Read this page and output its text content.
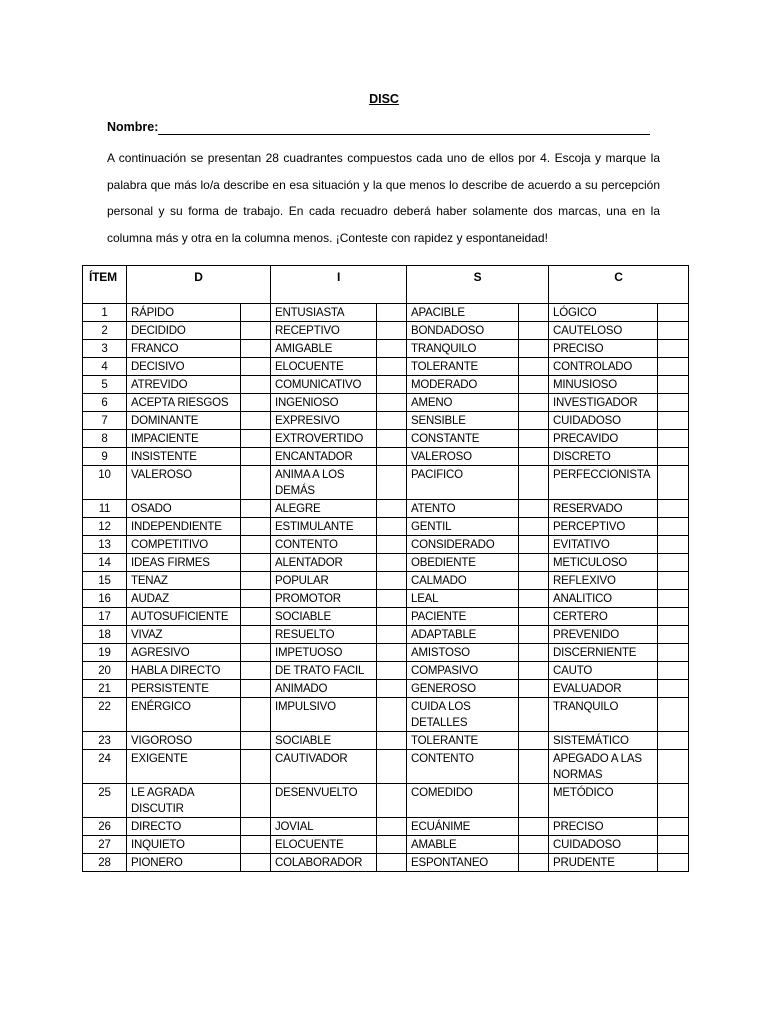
DISC
Nombre:

A continuación se presentan 28 cuadrantes compuestos cada uno de ellos por 4. Escoja y marque la palabra que más lo/a describe en esa situación y la que menos lo describe de acuerdo a su percepción personal y su forma de trabajo. En cada recuadro deberá haber solamente dos marcas, una en la columna más y otra en la columna menos. ¡Conteste con rapidez y espontaneidad!

ÍTEM	D		I		S		C	
1	RÁPIDO		ENTUSIASTA		APACIBLE		LÓGICO	
2	DECIDIDO		RECEPTIVO		BONDADOSO		CAUTELOSO	
3	FRANCO		AMIGABLE		TRANQUILO		PRECISO	
4	DECISIVO		ELOCUENTE		TOLERANTE		CONTROLADO	
5	ATREVIDO		COMUNICATIVO		MODERADO		MINUSIOSO	
6	ACEPTA RIESGOS		INGENIOSO		AMENO		INVESTIGADOR	
7	DOMINANTE		EXPRESIVO		SENSIBLE		CUIDADOSO	
8	IMPACIENTE		EXTROVERTIDO		CONSTANTE		PRECAVIDO	
9	INSISTENTE		ENCANTADOR		VALEROSO		DISCRETO	
10	VALEROSO		ANIMA A LOS DEMÁS		PACIFICO		PERFECCIONISTA	
11	OSADO		ALEGRE		ATENTO		RESERVADO	
12	INDEPENDIENTE		ESTIMULANTE		GENTIL		PERCEPTIVO	
13	COMPETITIVO		CONTENTO		CONSIDERADO		EVITATIVO	
14	IDEAS FIRMES		ALENTADOR		OBEDIENTE		METICULOSO	
15	TENAZ		POPULAR		CALMADO		REFLEXIVO	
16	AUDAZ		PROMOTOR		LEAL		ANALITICO	
17	AUTOSUFICIENTE		SOCIABLE		PACIENTE		CERTERO	
18	VIVAZ		RESUELTO		ADAPTABLE		PREVENIDO	
19	AGRESIVO		IMPETUOSO		AMISTOSO		DISCERNIENTE	
20	HABLA DIRECTO		DE TRATO FACIL		COMPASIVO		CAUTO	
21	PERSISTENTE		ANIMADO		GENEROSO		EVALUADOR	
22	ENÉRGICO		IMPULSIVO		CUIDA LOS DETALLES		TRANQUILO	
23	VIGOROSO		SOCIABLE		TOLERANTE		SISTEMÁTICO	
24	EXIGENTE		CAUTIVADOR		CONTENTO		APEGADO A LAS NORMAS	
25	LE AGRADA DISCUTIR		DESENVUELTO		COMEDIDO		METÓDICO	
26	DIRECTO		JOVIAL		ECUÁNIME		PRECISO	
27	INQUIETO		ELOCUENTE		AMABLE		CUIDADOSO	
28	PIONERO		COLABORADOR		ESPONTANEO		PRUDENTE	
